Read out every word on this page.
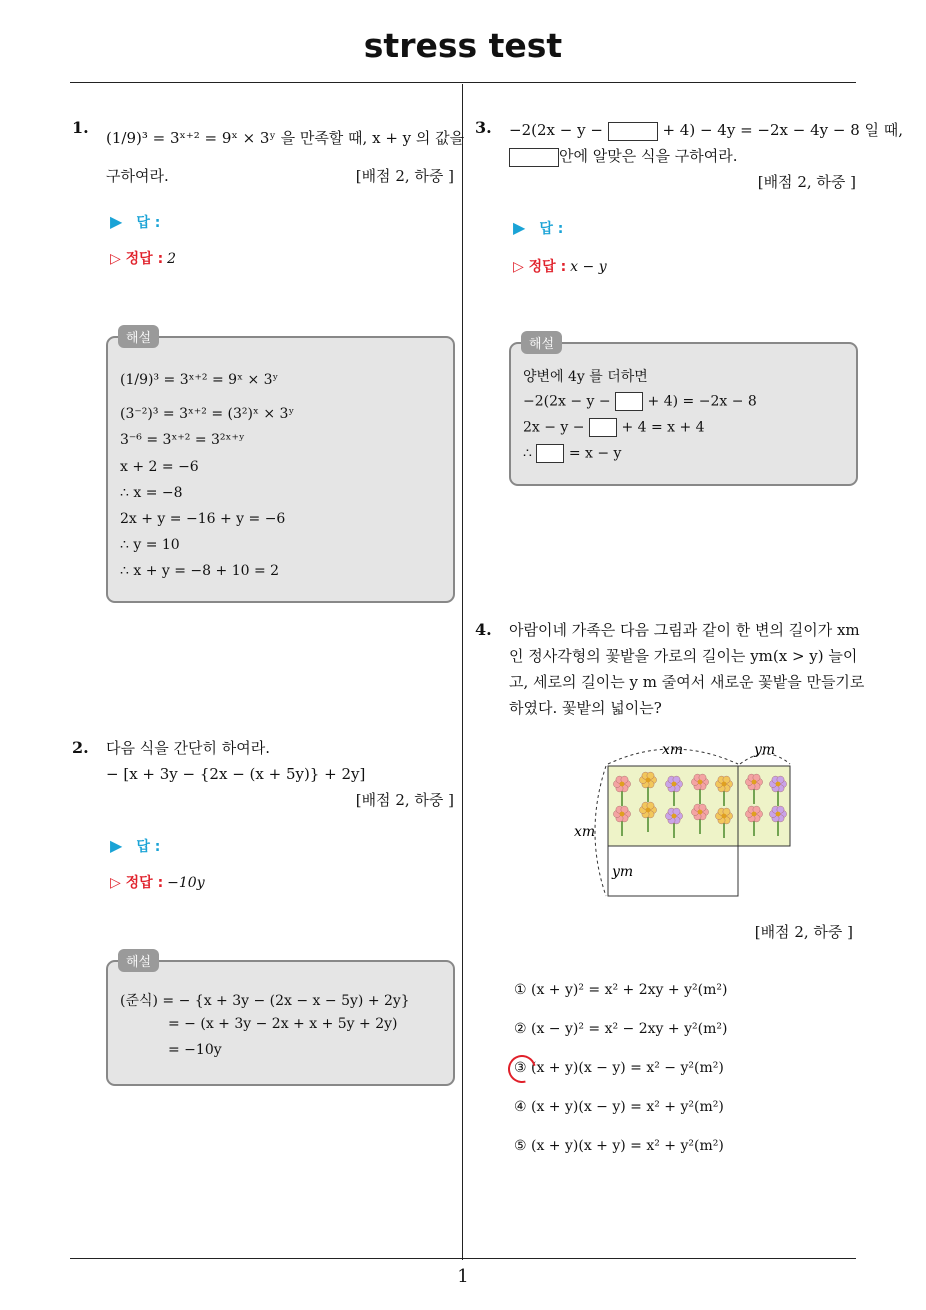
stress test
1
1.
(1/9)³ = 3ˣ⁺² = 9ˣ × 3ʸ 을 만족할 때, x + y 의 값을
구하여라.	[배점 2, 하중 ]
▶ 답 :
▷ 정답 : 2
해설
(1/9)³ = 3ˣ⁺² = 9ˣ × 3ʸ
(3⁻²)³ = 3ˣ⁺² = (3²)ˣ × 3ʸ
3⁻⁶ = 3ˣ⁺² = 3²ˣ⁺ʸ
x + 2 = −6
∴ x = −8
2x + y = −16 + y = −6
∴ y = 10
∴ x + y = −8 + 10 = 2
2. 다음 식을 간단히 하여라.
− [x + 3y − {2x − (x + 5y)} + 2y]
[배점 2, 하중 ]
▶ 답 :
▷ 정답 : −10y
해설
(준식) = − {x + 3y − (2x − x − 5y) + 2y}
= − (x + 3y − 2x + x + 5y + 2y)
= −10y
3. −2(2x − y −	+ 4) − 4y = −2x − 4y − 8 일 때,
안에 알맞은 식을 구하여라.
[배점 2, 하중 ]
▶ 답 :
▷ 정답 : x − y
해설
양변에 4y 를 더하면
−2(2x − y −	+ 4) = −2x − 8
2x − y −	+ 4 = x + 4
∴	= x − y
4. 아람이네 가족은 다음 그림과 같이 한 변의 길이가 xm
인 정사각형의 꽃밭을 가로의 길이는 ym(x > y) 늘이
고, 세로의 길이는 y m 줄여서 새로운 꽃밭을 만들기로
하였다. 꽃밭의 넓이는?
xm	ym
xm
ym
[배점 2, 하중 ]
① (x + y)² = x² + 2xy + y²(m²)
② (x − y)² = x² − 2xy + y²(m²)
③ (x + y)(x − y) = x² − y²(m²)
④ (x + y)(x − y) = x² + y²(m²)
⑤ (x + y)(x + y) = x² + y²(m²)
